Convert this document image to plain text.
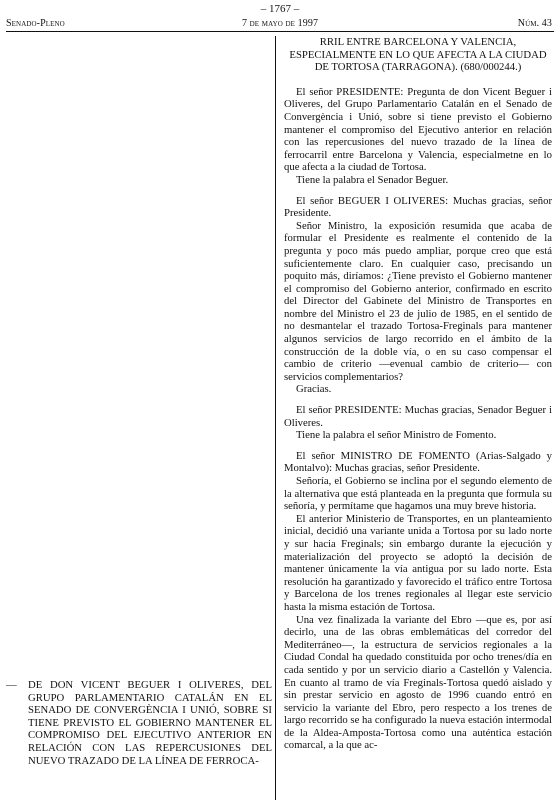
– 1767 –
Senado-Pleno	7 de mayo de 1997	Núm. 43
— DE DON VICENT BEGUER I OLIVERES, DEL GRUPO PARLAMENTARIO CATALÁN EN EL SENADO DE CONVERGÈNCIA I UNIÓ, SOBRE SI TIENE PREVISTO EL GOBIERNO MANTENER EL COMPROMISO DEL EJECUTIVO ANTERIOR EN RELACIÓN CON LAS REPERCUSIONES DEL NUEVO TRAZADO DE LA LÍNEA DE FERROCA-

RRIL ENTRE BARCELONA Y VALENCIA, ESPECIALMENTE EN LO QUE AFECTA A LA CIUDAD DE TORTOSA (TARRAGONA). (680/000244.)

El señor PRESIDENTE: Pregunta de don Vicent Beguer i Oliveres, del Grupo Parlamentario Catalán en el Senado de Convergència i Unió, sobre si tiene previsto el Gobierno mantener el compromiso del Ejecutivo anterior en relación con las repercusiones del nuevo trazado de la línea de ferrocarril entre Barcelona y Valencia, especialmetne en lo que afecta a la ciudad de Tortosa.

Tiene la palabra el Senador Beguer.

El señor BEGUER I OLIVERES: Muchas gracias, señor Presidente.

Señor Ministro, la exposición resumida que acaba de formular el Presidente es realmente el contenido de la pregunta y poco más puedo ampliar, porque creo que está suficientemente claro. En cualquier caso, precisando un poquito más, diríamos: ¿Tiene previsto el Gobierno mantener el compromiso del Gobierno anterior, confirmado en escrito del Director del Gabinete del Ministro de Transportes en nombre del Ministro el 23 de julio de 1985, en el sentido de no desmantelar el trazado Tortosa-Freginals para mantener algunos servicios de largo recorrido en el ámbito de la construcción de la doble vía, o en su caso compensar el cambio de criterio —evenual cambio de criterio— con servicios complementarios?

Gracias.

El señor PRESIDENTE: Muchas gracias, Senador Beguer i Oliveres.

Tiene la palabra el señor Ministro de Fomento.

El señor MINISTRO DE FOMENTO (Arias-Salgado y Montalvo): Muchas gracias, señor Presidente.

Señoría, el Gobierno se inclina por el segundo elemento de la alternativa que está planteada en la pregunta que formula su señoría, y permítame que hagamos una muy breve historia.

El anterior Ministerio de Transportes, en un planteamiento inicial, decidió una variante unida a Tortosa por su lado norte y sur hacia Freginals; sin embargo durante la ejecución y materialización del proyecto se adoptó la decisión de mantener únicamente la vía antigua por su lado norte. Esta resolución ha garantizado y favorecido el tráfico entre Tortosa y Barcelona de los trenes regionales al llegar este servicio hasta la misma estación de Tortosa.

Una vez finalizada la variante del Ebro —que es, por así decirlo, una de las obras emblemáticas del corredor del Mediterráneo—, la estructura de servicios regionales a la Ciudad Condal ha quedado constituida por ocho trenes/día en cada sentido y por un servicio diario a Castellón y Valencia. En cuanto al tramo de vía Freginals-Tortosa quedó aislado y sin prestar servicio en agosto de 1996 cuando entró en servicio la variante del Ebro, pero respecto a los trenes de largo recorrido se ha configurado la nueva estación intermodal de la Aldea-Amposta-Tortosa como una auténtica estación comarcal, a la que ac-
